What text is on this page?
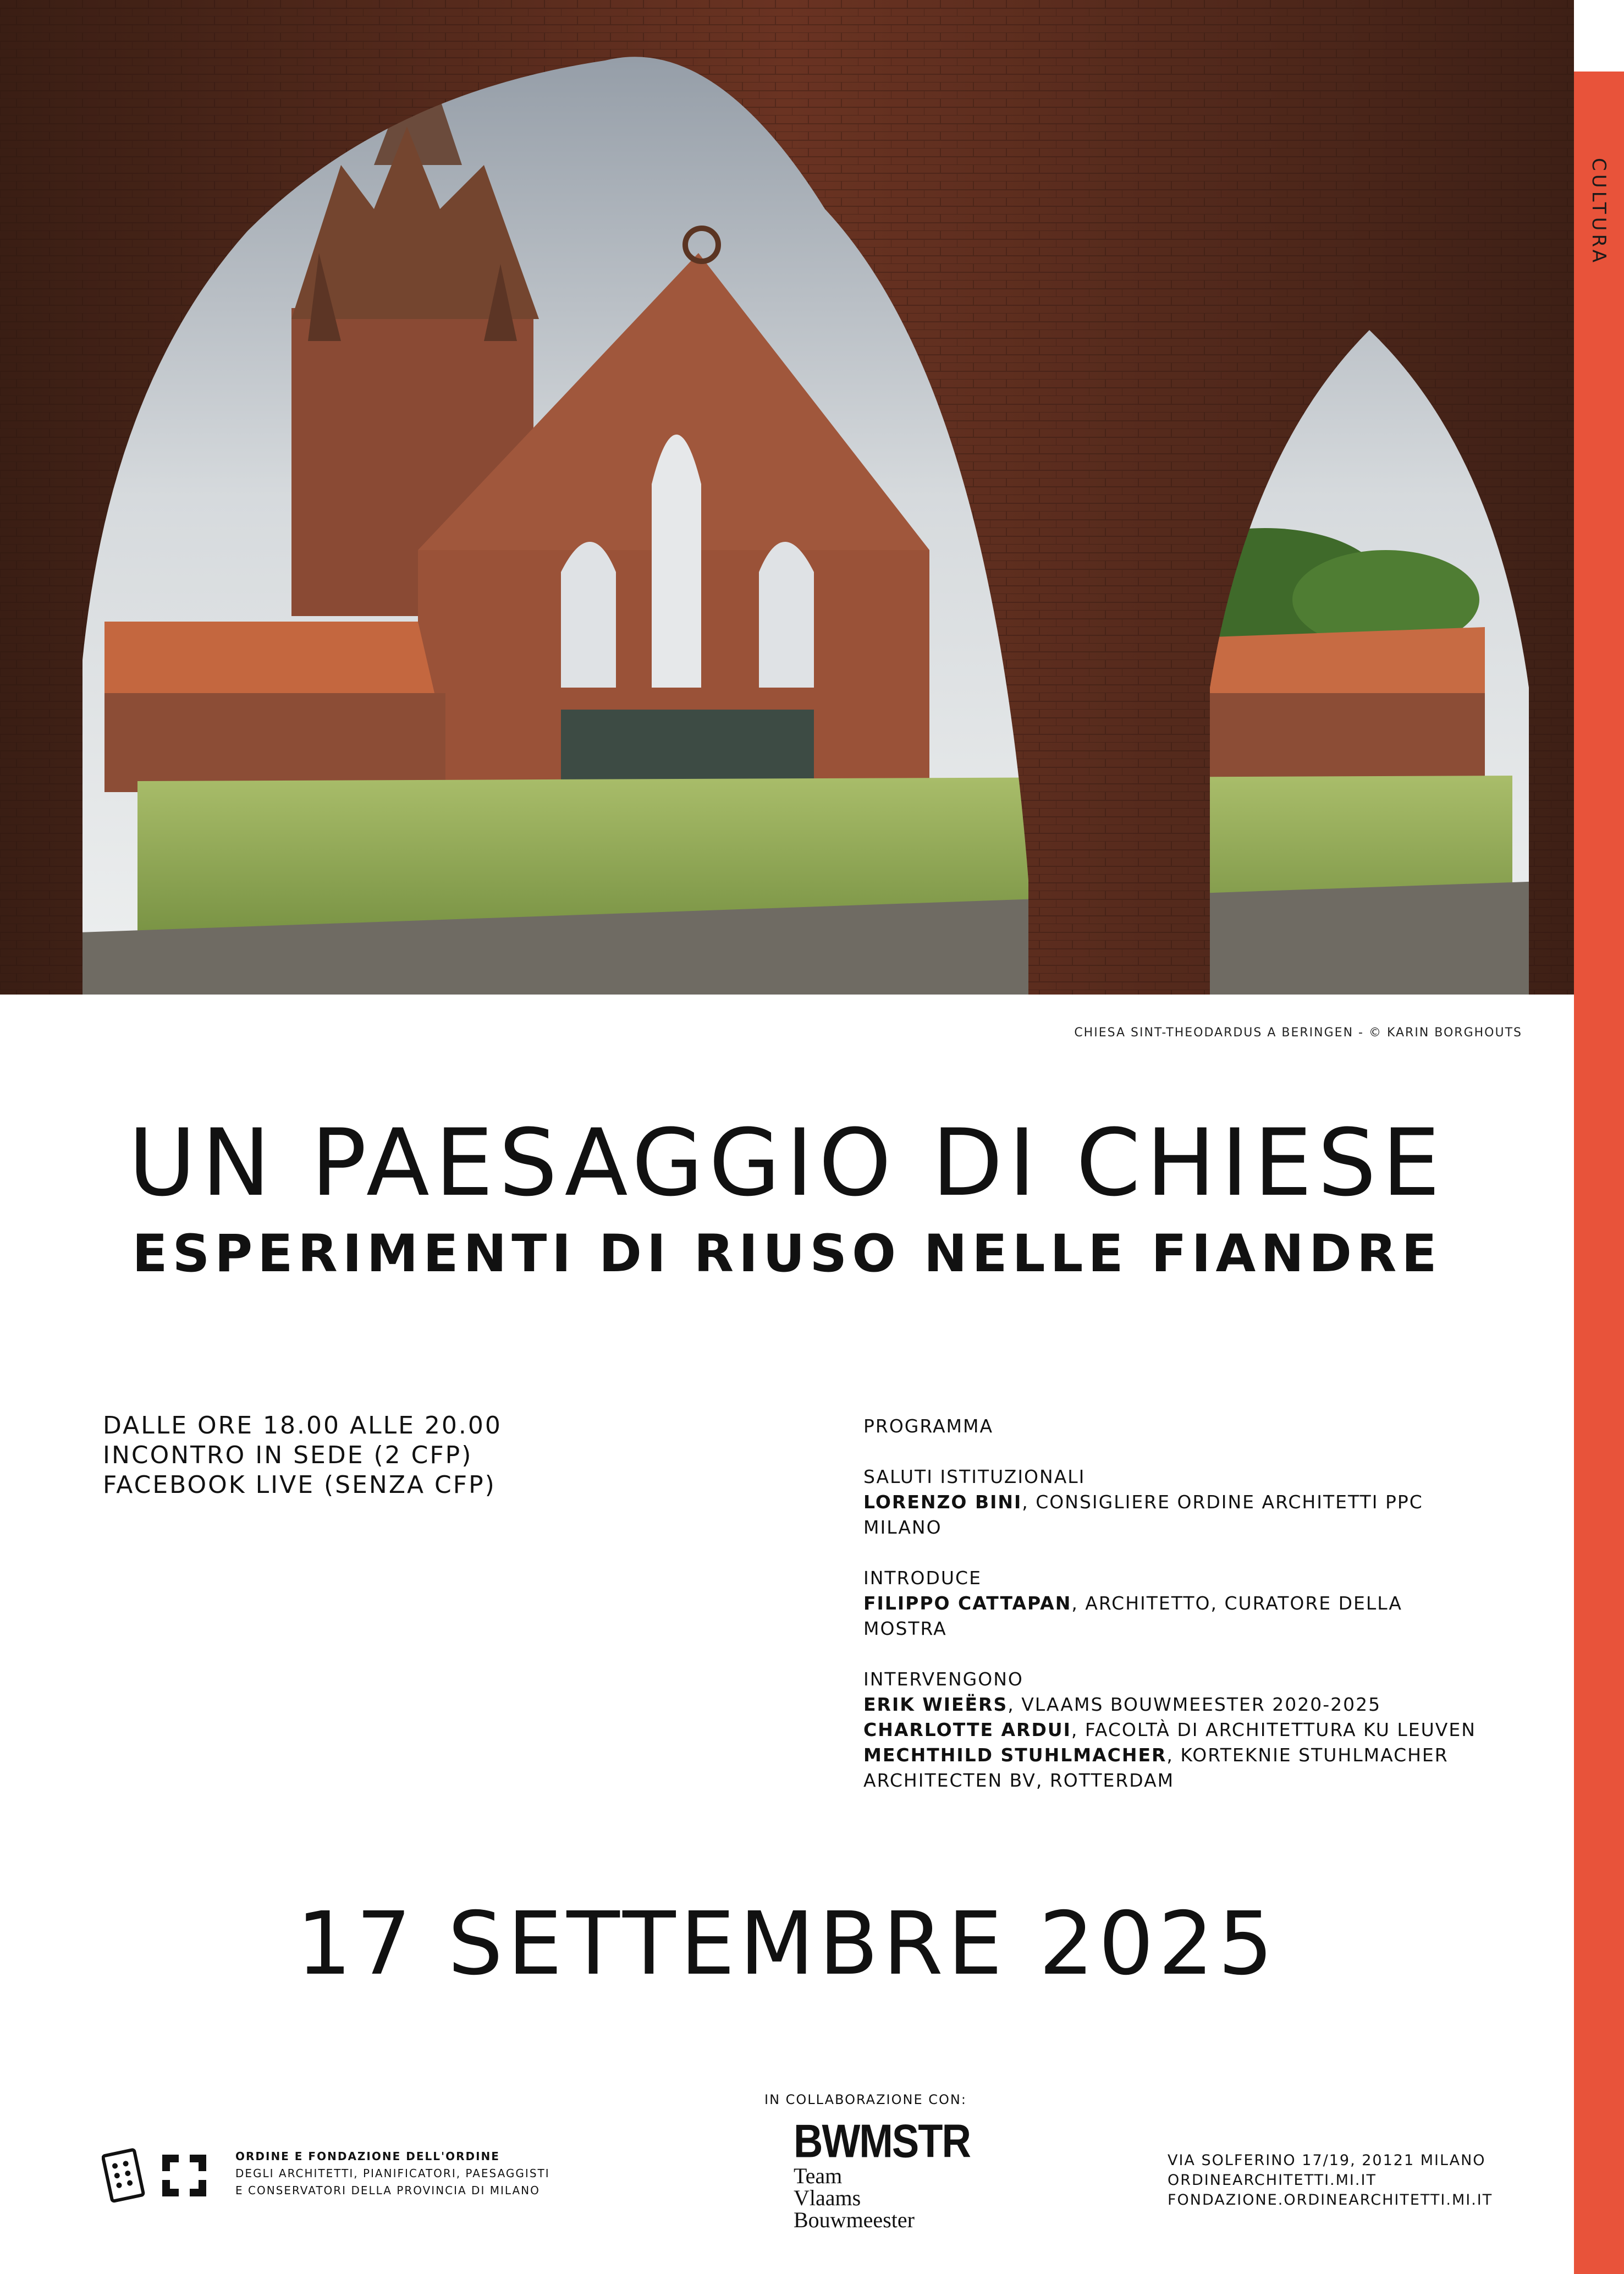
CULTURA
CHIESA SINT-THEODARDUS A BERINGEN - © KARIN BORGHOUTS
UN PAESAGGIO DI CHIESE
ESPERIMENTI DI RIUSO NELLE FIANDRE
DALLE ORE 18.00 ALLE 20.00
INCONTRO IN SEDE (2 CFP)
FACEBOOK LIVE (SENZA CFP)
PROGRAMMA
SALUTI ISTITUZIONALI
LORENZO BINI, CONSIGLIERE ORDINE ARCHITETTI PPC MILANO
INTRODUCE
FILIPPO CATTAPAN, ARCHITETTO, CURATORE DELLA MOSTRA
INTERVENGONO
ERIK WIEËRS, VLAAMS BOUWMEESTER 2020-2025
CHARLOTTE ARDUI, FACOLTÀ DI ARCHITETTURA KU LEUVEN
MECHTHILD STUHLMACHER, KORTEKNIE STUHLMACHER ARCHITECTEN BV, ROTTERDAM
17 SETTEMBRE 2025
IN COLLABORAZIONE CON:
BWMSTR
Team
Vlaams
Bouwmeester
ORDINE E FONDAZIONE DELL'ORDINE
DEGLI ARCHITETTI, PIANIFICATORI, PAESAGGISTI
E CONSERVATORI DELLA PROVINCIA DI MILANO
VIA SOLFERINO 17/19, 20121 MILANO
ORDINEARCHITETTI.MI.IT
FONDAZIONE.ORDINEARCHITETTI.MI.IT
